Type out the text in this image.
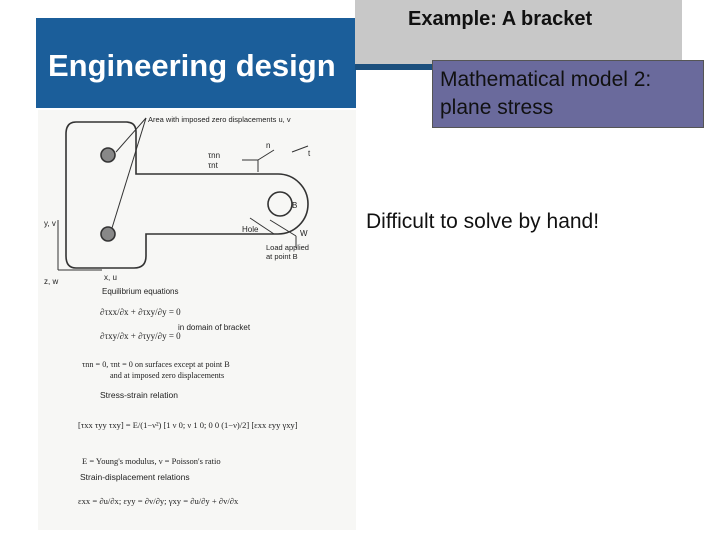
Engineering design
Example: A bracket
Mathematical model 2: plane stress
Difficult to solve by hand!
Area with imposed zero displacements u, v
τnn
τnt
n
t
B
Hole	W
Load applied
at point B
y, v
x, u
z, w
Equilibrium equations
∂τxx/∂x + ∂τxy/∂y = 0
∂τxy/∂x + ∂τyy/∂y = 0
in domain of bracket
τnn = 0, τnt = 0 on surfaces except at point B
and at imposed zero displacements
Stress-strain relation
[τxx τyy τxy] = E/(1−ν²) [1 ν 0; ν 1 0; 0 0 (1−ν)/2] [εxx εyy γxy]
E = Young's modulus, ν = Poisson's ratio
Strain-displacement relations
εxx = ∂u/∂x; εyy = ∂v/∂y; γxy = ∂u/∂y + ∂v/∂x
